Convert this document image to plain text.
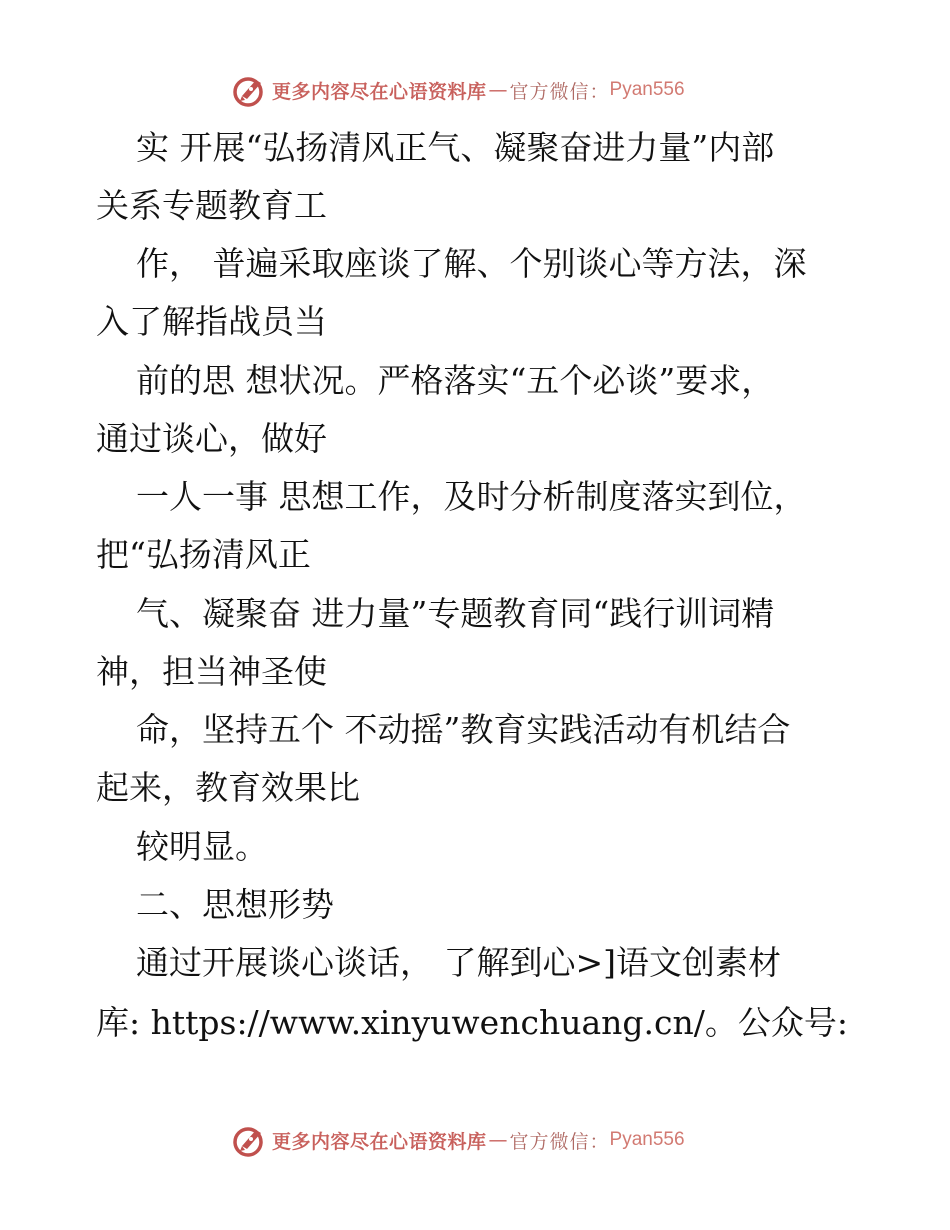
更多内容尽在心语资料库 — 官方微信： Pyan556
实 开展“弘扬清风正气、凝聚奋进力量”内部
关系专题教育工
作， 普遍采取座谈了解、个别谈心等方法，深
入了解指战员当
前的思 想状况。严格落实“五个必谈”要求，
通过谈心，做好
一人一事 思想工作，及时分析制度落实到位，
把“弘扬清风正
气、凝聚奋 进力量”专题教育同“践行训词精
神，担当神圣使
命，坚持五个 不动摇”教育实践活动有机结合
起来，教育效果比
较明显。
二、思想形势
通过开展谈心谈话， 了解到心>]语文创素材
库: https://www.xinyuwenchuang.cn/。公众号:
更多内容尽在心语资料库 — 官方微信： Pyan556
